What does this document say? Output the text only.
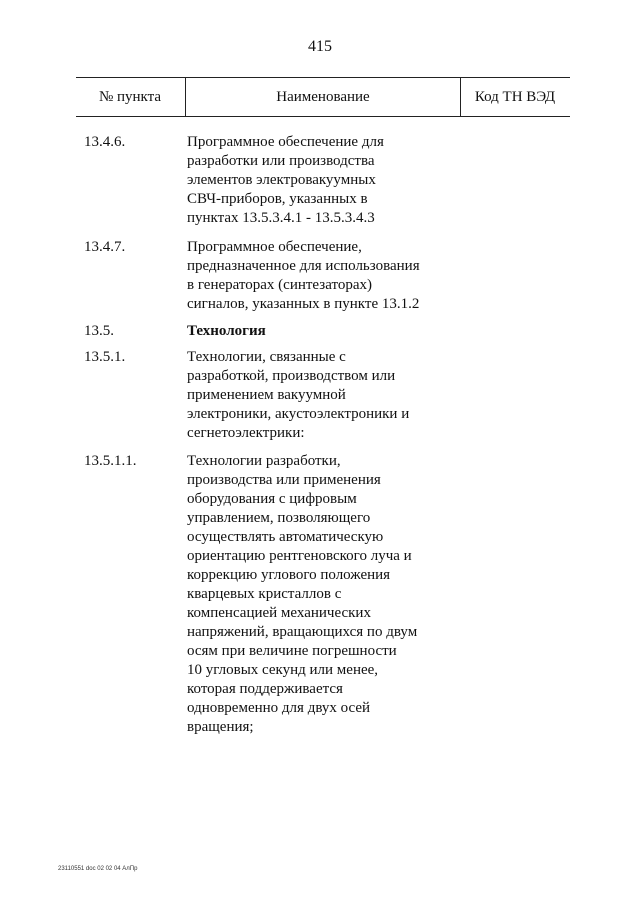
415
№ пункта	Наименование	Код ТН ВЭД
13.4.6.	Программное обеспечение для
разработки или производства
элементов электровакуумных
СВЧ-приборов, указанных в
пунктах 13.5.3.4.1 - 13.5.3.4.3
13.4.7.	Программное обеспечение,
предназначенное для использования
в генераторах (синтезаторах)
сигналов, указанных в пункте 13.1.2
13.5.	Технология
13.5.1.	Технологии, связанные с
разработкой, производством или
применением вакуумной
электроники, акустоэлектроники и
сегнетоэлектрики:
13.5.1.1.	Технологии разработки,
производства или применения
оборудования с цифровым
управлением, позволяющего
осуществлять автоматическую
ориентацию рентгеновского луча и
коррекцию углового положения
кварцевых кристаллов с
компенсацией механических
напряжений, вращающихся по двум
осям при величине погрешности
10 угловых секунд или менее,
которая поддерживается
одновременно для двух осей
вращения;
23110551 doc 02 02 04 АлПр
